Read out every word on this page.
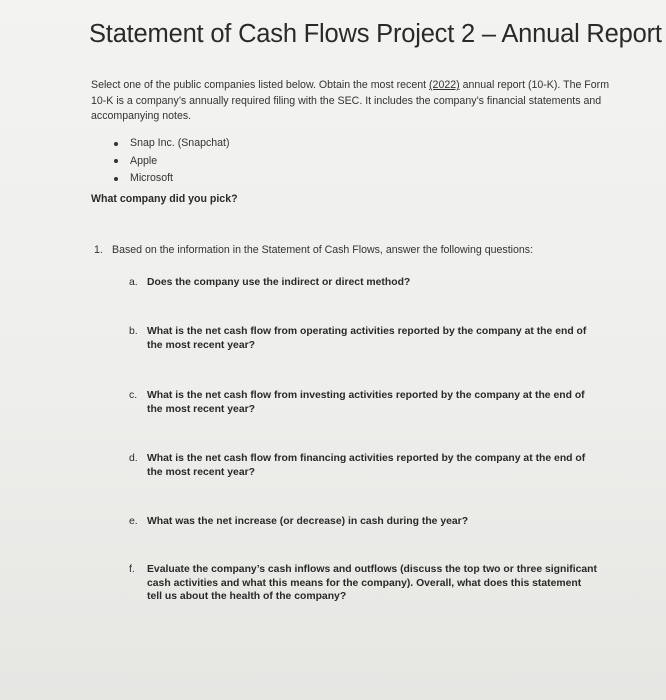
Statement of Cash Flows Project 2 – Annual Report
Select one of the public companies listed below. Obtain the most recent (2022) annual report (10-K). The Form 10-K is a company’s annually required filing with the SEC. It includes the company’s financial statements and accompanying notes.
Snap Inc. (Snapchat)
Apple
Microsoft
What company did you pick?
1. Based on the information in the Statement of Cash Flows, answer the following questions:
a. Does the company use the indirect or direct method?
b. What is the net cash flow from operating activities reported by the company at the end of the most recent year?
c. What is the net cash flow from investing activities reported by the company at the end of the most recent year?
d. What is the net cash flow from financing activities reported by the company at the end of the most recent year?
e. What was the net increase (or decrease) in cash during the year?
f.	Evaluate the company’s cash inflows and outflows (discuss the top two or three significant cash activities and what this means for the company). Overall, what does this statement tell us about the health of the company?
